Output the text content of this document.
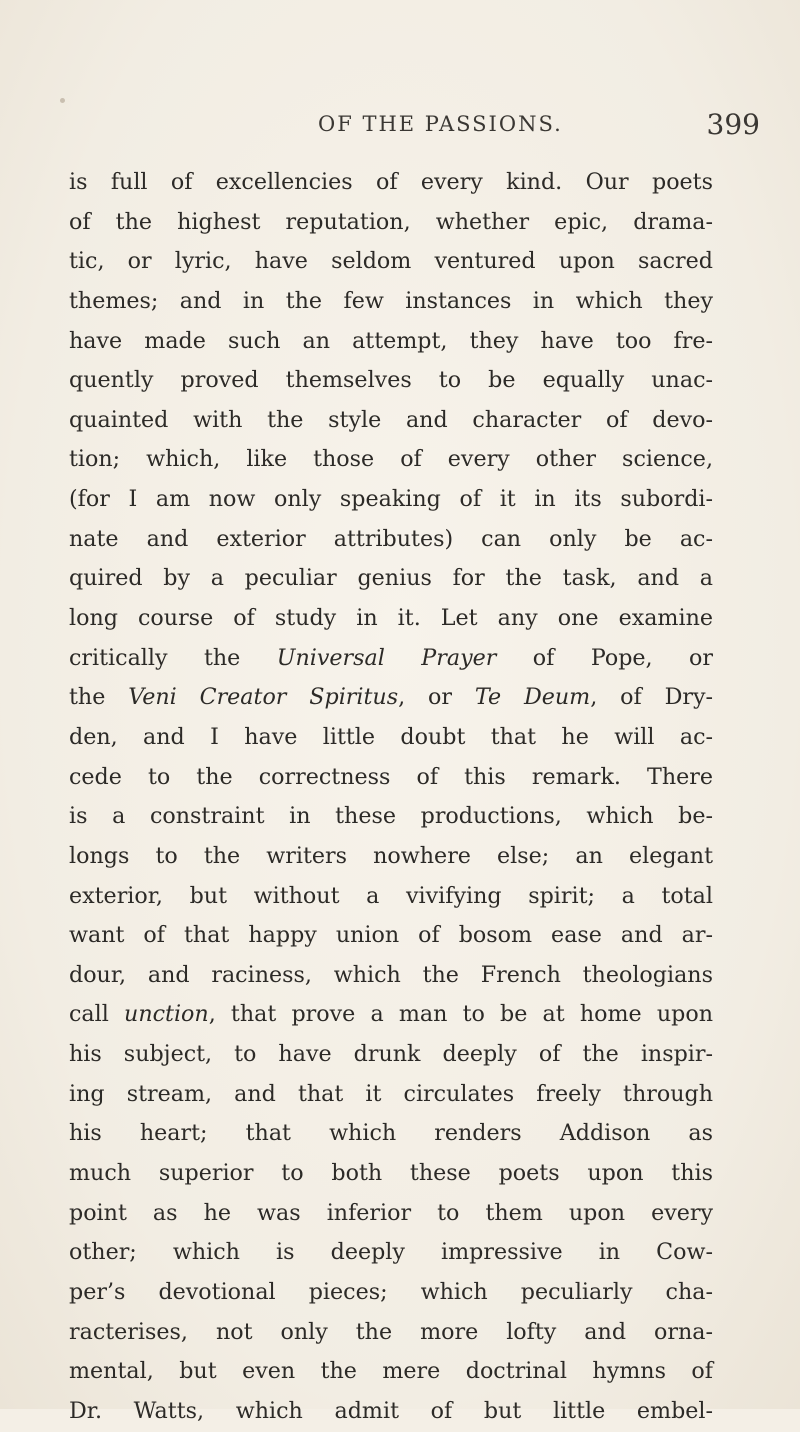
OF THE PASSIONS.	399
is full of excellencies of every kind. Our poets
of the highest reputation, whether epic, drama-
tic, or lyric, have seldom ventured upon sacred
themes; and in the few instances in which they
have made such an attempt, they have too fre-
quently proved themselves to be equally unac-
quainted with the style and character of devo-
tion; which, like those of every other science,
(for I am now only speaking of it in its subordi-
nate and exterior attributes) can only be ac-
quired by a peculiar genius for the task, and a
long course of study in it. Let any one examine
critically the Universal Prayer of Pope, or
the Veni Creator Spiritus, or Te Deum, of Dry-
den, and I have little doubt that he will ac-
cede to the correctness of this remark. There
is a constraint in these productions, which be-
longs to the writers nowhere else; an elegant
exterior, but without a vivifying spirit; a total
want of that happy union of bosom ease and ar-
dour, and raciness, which the French theologians
call unction, that prove a man to be at home upon
his subject, to have drunk deeply of the inspir-
ing stream, and that it circulates freely through
his heart; that which renders Addison as
much superior to both these poets upon this
point as he was inferior to them upon every
other; which is deeply impressive in Cow-
per’s devotional pieces; which peculiarly cha-
racterises, not only the more lofty and orna-
mental, but even the mere doctrinal hymns of
Dr. Watts, which admit of but little embel-
